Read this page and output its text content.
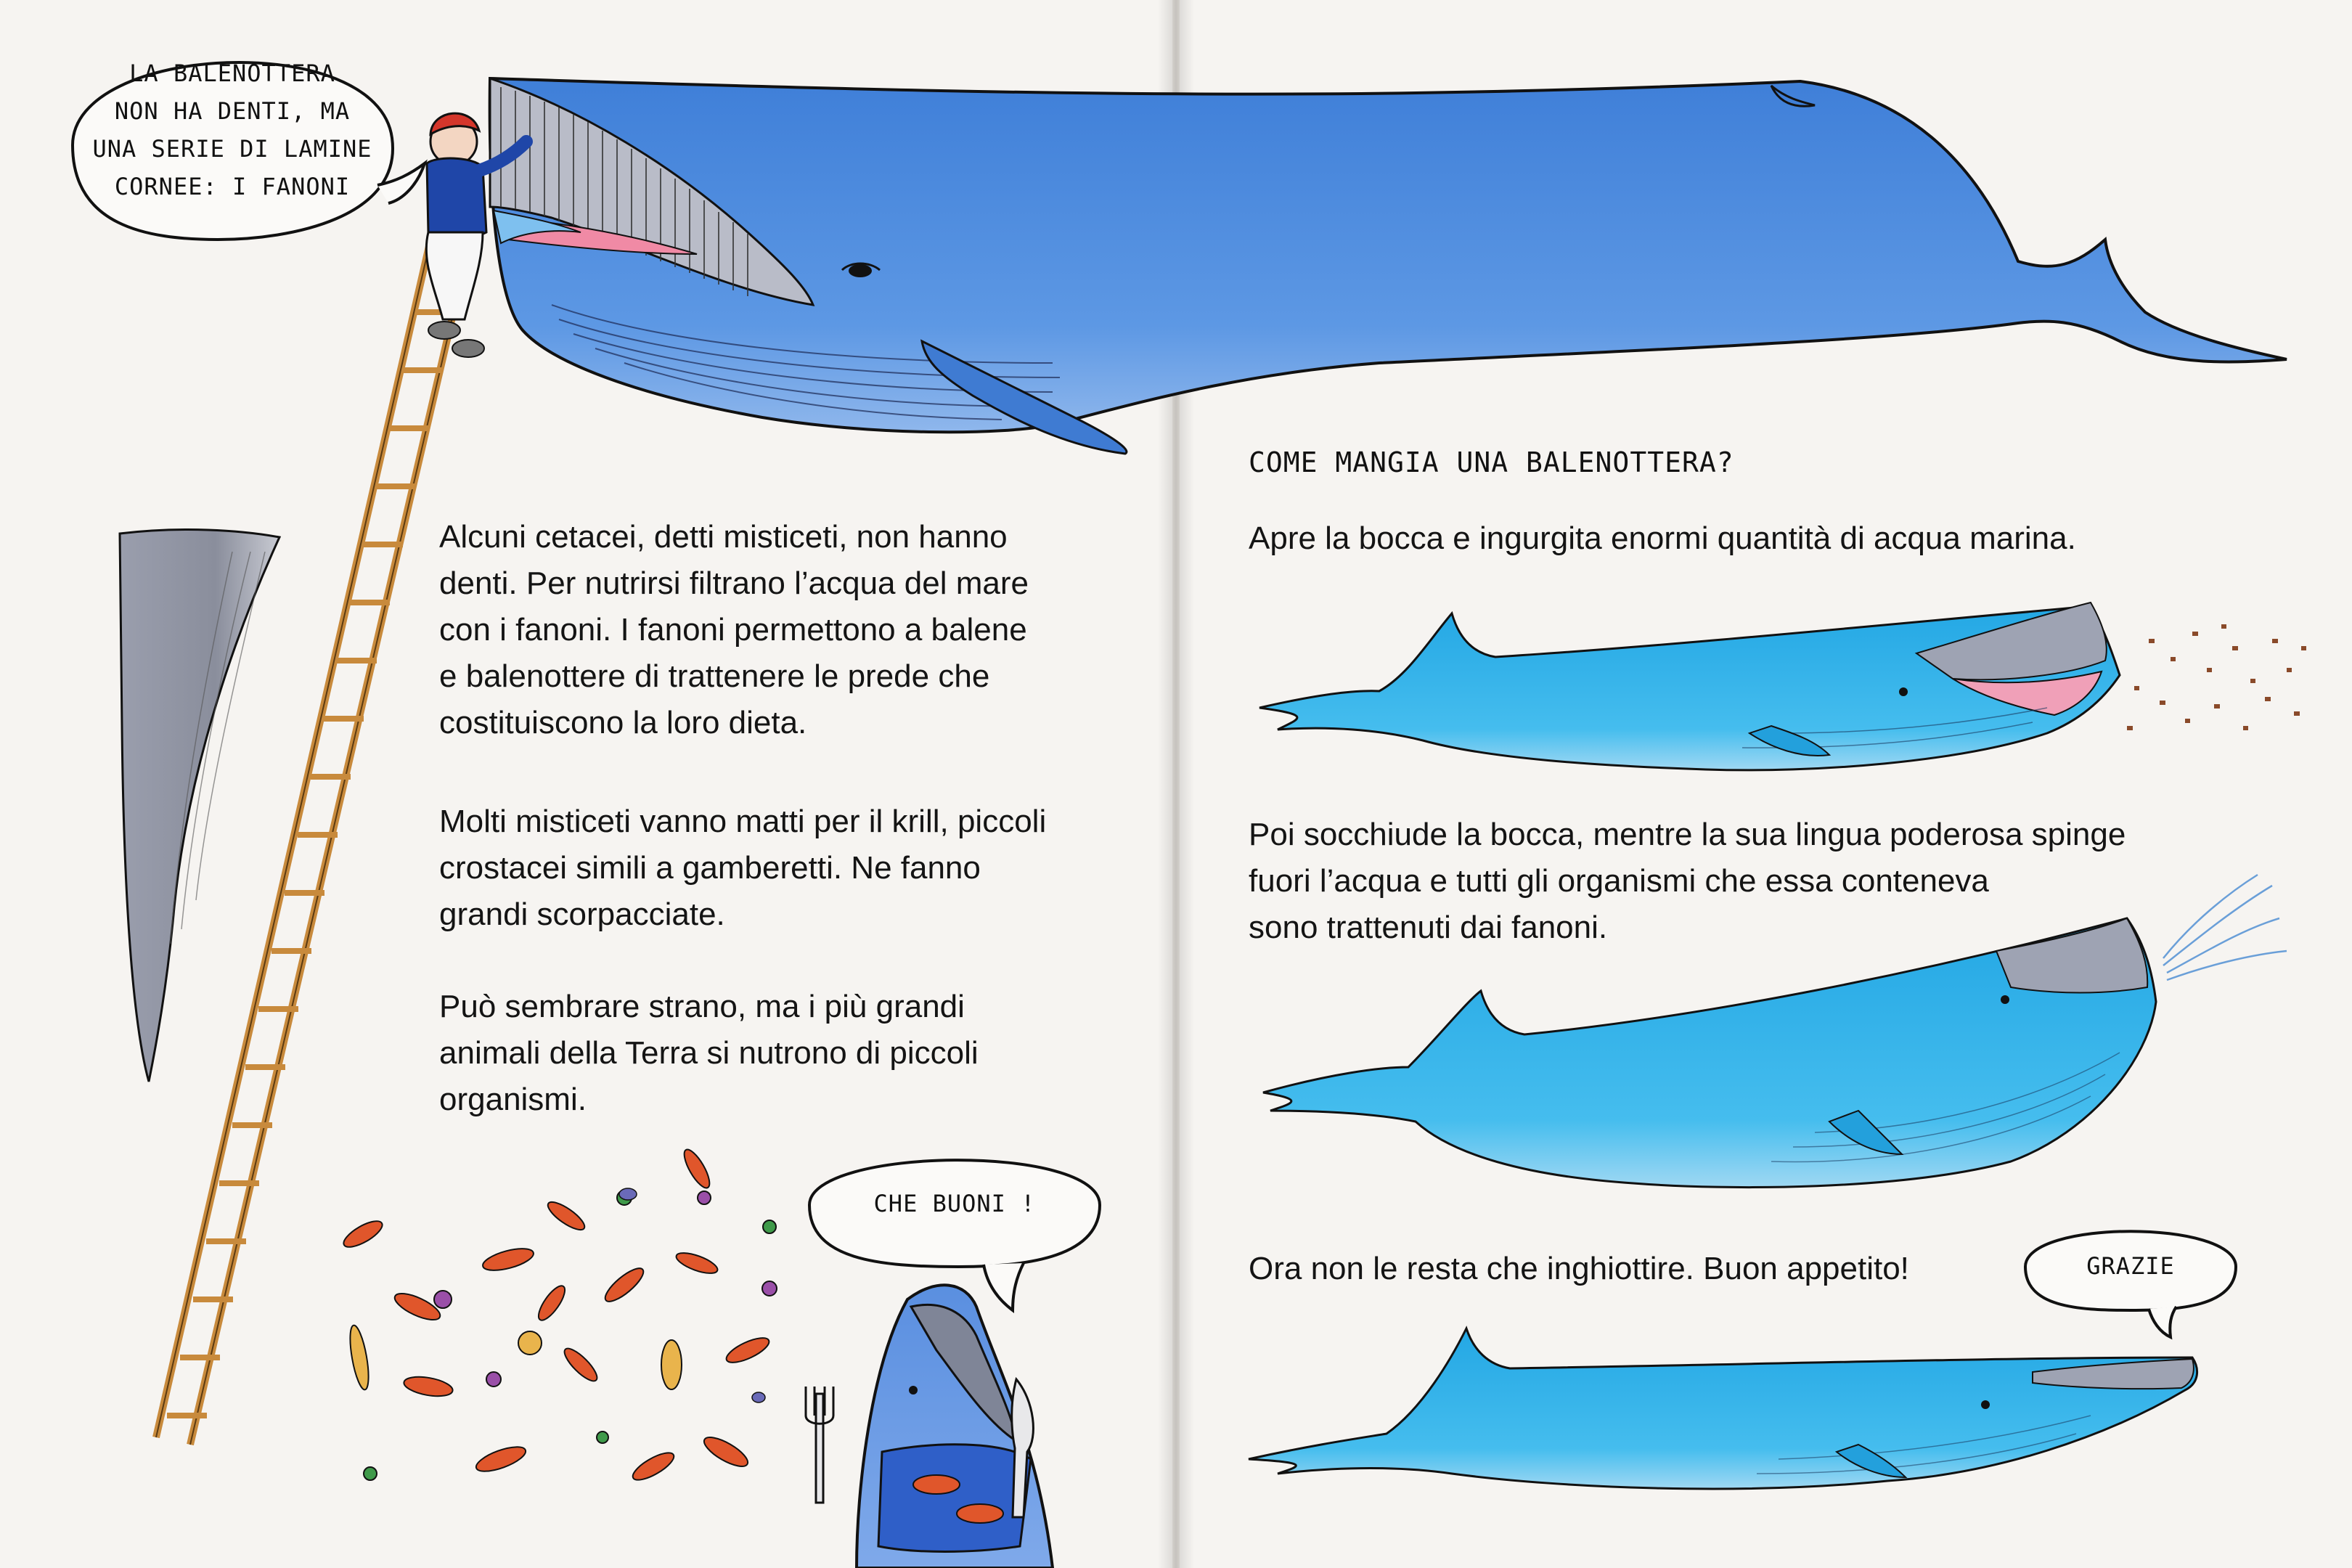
LA BALENOTTERA
NON HA DENTI, MA
UNA SERIE DI LAMINE
CORNEE: I FANONI
Alcuni cetacei, detti misticeti, non hanno
denti. Per nutrirsi filtrano l’acqua del mare
con i fanoni. I fanoni permettono a balene
e balenottere di trattenere le prede che
costituiscono la loro dieta.
Molti misticeti vanno matti per il krill, piccoli
crostacei simili a gamberetti. Ne fanno
grandi scorpacciate.
Può sembrare strano, ma i più grandi
animali della Terra si nutrono di piccoli
organismi.
CHE BUONI !
COME MANGIA UNA BALENOTTERA?
Apre la bocca e ingurgita enormi quantità di acqua marina.
Poi socchiude la bocca, mentre la sua lingua poderosa spinge
fuori l’acqua e tutti gli organismi che essa conteneva
sono trattenuti dai fanoni.
Ora non le resta che inghiottire. Buon appetito!	GRAZIE
